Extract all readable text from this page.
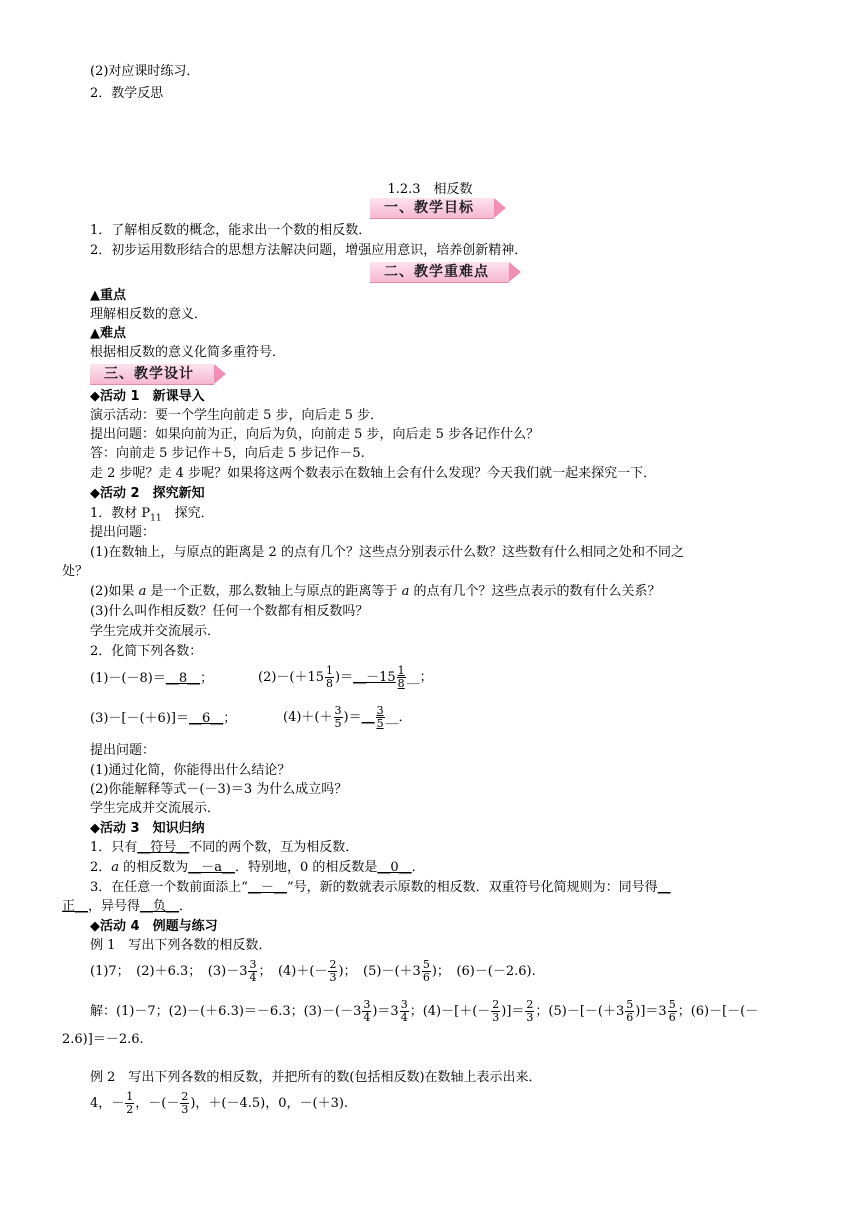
(2)对应课时练习．
2．教学反思
1.2.3　相反数
一、教学目标
1．了解相反数的概念，能求出一个数的相反数．
2．初步运用数形结合的思想方法解决问题，增强应用意识，培养创新精神．
二、教学重难点
▲重点
理解相反数的意义．
▲难点
根据相反数的意义化简多重符号．
三、教学设计
◆活动 1　新课导入
演示活动：要一个学生向前走 5 步，向后走 5 步．
提出问题：如果向前为正，向后为负，向前走 5 步，向后走 5 步各记作什么？
答：向前走 5 步记作＋5，向后走 5 步记作－5.
走 2 步呢？走 4 步呢？如果将这两个数表示在数轴上会有什么发现？今天我们就一起来探究一下．
◆活动 2　探究新知
1．教材 $P_{11}$　探究．
提出问题：
(1)在数轴上，与原点的距离是 2 的点有几个？这些点分别表示什么数？这些数有什么相同之处和不同之
处？
(2)如果 a 是一个正数，那么数轴上与原点的距离等于 a 的点有几个？这些点表示的数有什么关系？
(3)什么叫作相反数？任何一个数都有相反数吗？
学生完成并交流展示．
2．化简下列各数：
(1)－(－8)＝__8__；	$(2)-(+15 \frac{1}{8}$ )＝__－15 $\frac{1}{8}$ __；
(3)－[－(＋6)]＝__6__；	$(4)+(+ \frac{3}{5}$ )＝__ $\frac{3}{5}$ __．
提出问题：
(1)通过化简，你能得出什么结论？
(2)你能解释等式－(－3)＝3 为什么成立吗？
学生完成并交流展示．
◆活动 3　知识归纳
1．只有__符号__不同的两个数，互为相反数．
2．a 的相反数为__－a__．特别地，0 的相反数是__0__．
3．在任意一个数前面添上“__－__”号，新的数就表示原数的相反数．双重符号化简规则为：同号得__
正__，异号得__负__．
◆活动 4　例题与练习
例 1　写出下列各数的相反数．
(1)7；　(2)＋6.3；　$(3)-3 \frac{3}{4}$ ；　$(4)+(- \frac{2}{3}$ )；　$(5)-(+3 \frac{5}{6}$ )；　(6)－(－2.6).
解：(1)－7；(2)－(＋6.3)＝－6.3；$(3)-(-3 \frac{3}{4} )=3 \frac{3}{4}$ ；$(4)-[+(- \frac{2}{3}$ )]＝ $\frac{2}{3}$ ；$(5)-[-(+3 \frac{5}{6} )]=3 \frac{5}{6}$ ；(6)－[－(－
2.6)]＝－2.6.
例 2　写出下列各数的相反数，并把所有的数(包括相反数)在数轴上表示出来．
4，－ $\frac{1}{2}$ ，－(－ $\frac{2}{3}$ )，＋(－4.5)，0，－(＋3).
